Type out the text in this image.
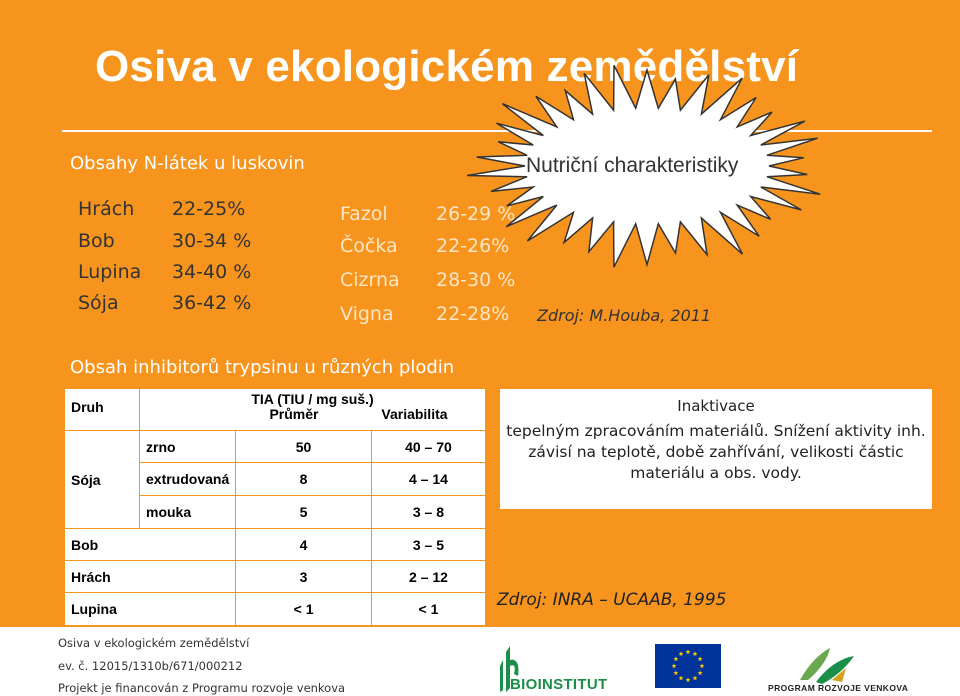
Osiva v ekologickém zemědělství
Nutriční charakteristiky
Obsahy N-látek u luskovin
Hrách 22-25%
Bob	30-34 %
Lupina 34-40 %
Sója	36-42 %
Fazol	26-29 %
Čočka 22-26%
Cizrna 28-30 %
Vigna 22-28% Zdroj: M.Houba, 2011
Obsah inhibitorů trypsinu u různých plodin
Druh	TIA (TIU / mg suš.)
Průměr Variabilita		

Sója	zrno	50	40 – 70
	extrudovaná	8	4 – 14
	mouka	5	3 – 8
Bob		4	3 – 5
Hrách		3	2 – 12
Lupina		< 1	< 1
Inaktivace
tepelným zpracováním materiálů. Snížení aktivity inh. závisí na teplotě, době zahřívání, velikosti částic materiálu a obs. vody.
Zdroj: INRA – UCAAB, 1995
Osiva v ekologickém zemědělství
ev. č. 12015/1310b/671/000212
Projekt je financován z Programu rozvoje venkova	BIOINSTITUT	PROGRAM ROZVOJE VENKOVA
